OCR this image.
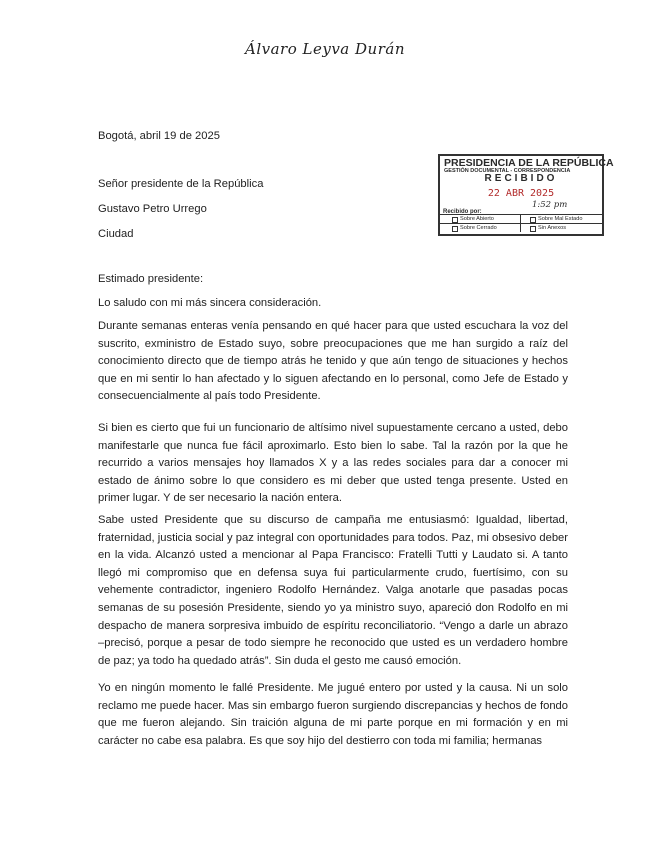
Álvaro Leyva Durán
Bogotá, abril 19 de 2025
Señor presidente de la República
Gustavo Petro Urrego
Ciudad
PRESIDENCIA DE LA REPÚBLICA
GESTIÓN DOCUMENTAL - CORRESPONDENCIA
RECIBIDO
22 ABR 2025
1:52 pm
Recibido por:
Sobre Abierto	Sobre Mal Estado
Sobre Cerrado	Sin Anexos
Estimado presidente:
Lo saludo con mi más sincera consideración.

Durante semanas enteras venía pensando en qué hacer para que usted escuchara la voz del suscrito, exministro de Estado suyo, sobre preocupaciones que me han surgido a raíz del conocimiento directo que de tiempo atrás he tenido y que aún tengo de situaciones y hechos que en mi sentir lo han afectado y lo siguen afectando en lo personal, como Jefe de Estado y consecuencialmente al país todo Presidente.

Si bien es cierto que fui un funcionario de altísimo nivel supuestamente cercano a usted, debo manifestarle que nunca fue fácil aproximarlo. Esto bien lo sabe. Tal la razón por la que he recurrido a varios mensajes hoy llamados X y a las redes sociales para dar a conocer mi estado de ánimo sobre lo que considero es mi deber que usted tenga presente. Usted en primer lugar. Y de ser necesario la nación entera.

Sabe usted Presidente que su discurso de campaña me entusiasmó: Igualdad, libertad, fraternidad, justicia social y paz integral con oportunidades para todos. Paz, mi obsesivo deber en la vida. Alcanzó usted a mencionar al Papa Francisco: Fratelli Tutti y Laudato si. A tanto llegó mi compromiso que en defensa suya fui particularmente crudo, fuertísimo, con su vehemente contradictor, ingeniero Rodolfo Hernández. Valga anotarle que pasadas pocas semanas de su posesión Presidente, siendo yo ya ministro suyo, apareció don Rodolfo en mi despacho de manera sorpresiva imbuido de espíritu reconciliatorio. “Vengo a darle un abrazo –precisó, porque a pesar de todo siempre he reconocido que usted es un verdadero hombre de paz; ya todo ha quedado atrás”. Sin duda el gesto me causó emoción.

Yo en ningún momento le fallé Presidente. Me jugué entero por usted y la causa. Ni un solo reclamo me puede hacer. Mas sin embargo fueron surgiendo discrepancias y hechos de fondo que me fueron alejando. Sin traición alguna de mi parte porque en mi formación y en mi carácter no cabe esa palabra. Es que soy hijo del destierro con toda mi familia; hermanas
